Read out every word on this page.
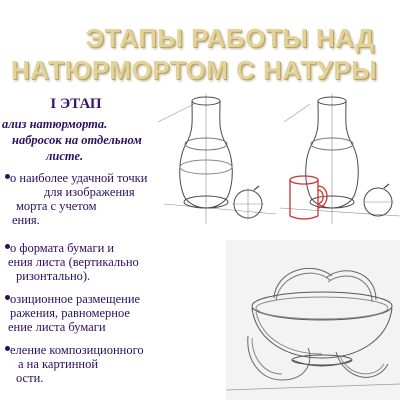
ЭТАПЫ РАБОТЫ НАД
НАТЮРМОРТОМ С НАТУРЫ
I ЭТАП
ализ натюрморта.
набросок на отдельном
листе.
о наиболее удачной точки
для изображения
морта с учетом
ения.
о формата бумаги и
ения листа (вертикально
ризонтально).
озиционное размещение
ражения, равномерное
ение листа бумаги
еление композиционного
а на картинной
ости.
